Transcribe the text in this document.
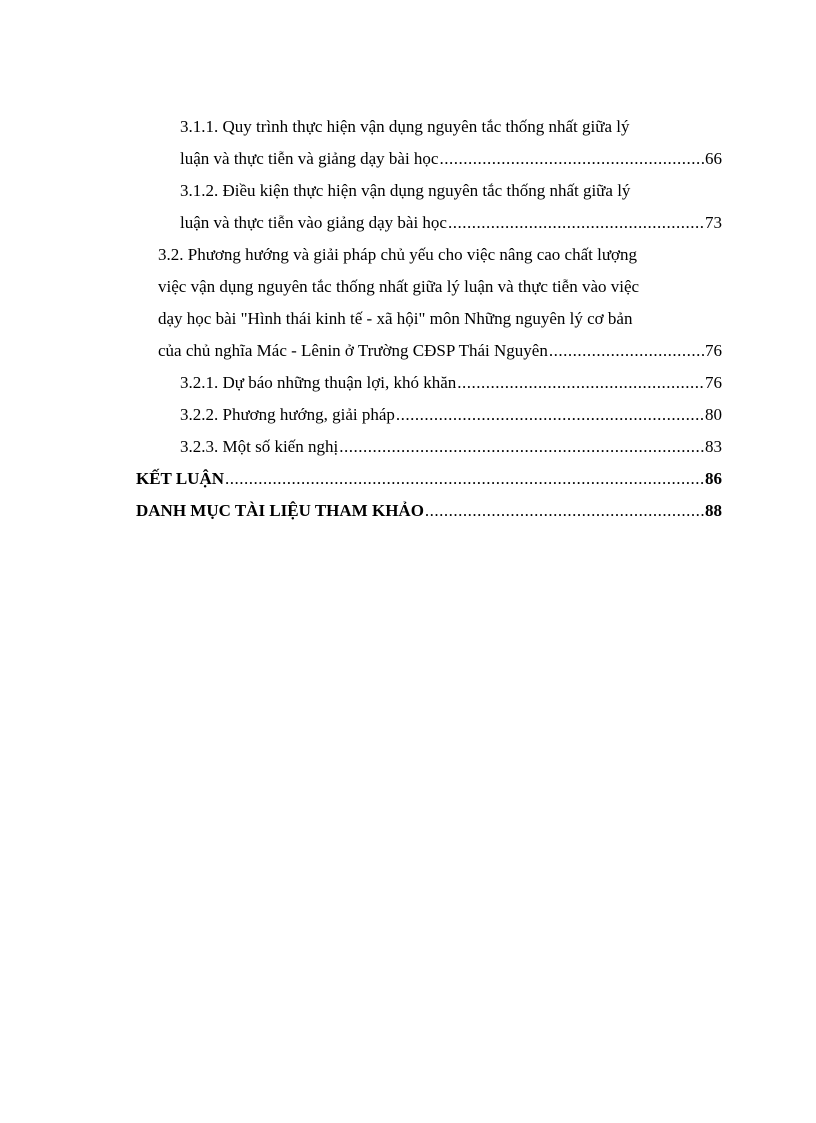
3.1.1. Quy trình thực hiện vận dụng nguyên tắc thống nhất giữa lý
luận và thực tiễn và giảng dạy bài học .....	66
3.1.2. Điều kiện thực hiện vận dụng nguyên tắc thống nhất giữa lý
luận và thực tiễn vào giảng dạy bài học .....	73
3.2. Phương hướng và giải pháp chủ yếu cho việc nâng cao chất lượng
việc vận dụng nguyên tắc thống nhất giữa lý luận và thực tiễn vào việc
dạy học bài "Hình thái kinh tế - xã hội" môn Những nguyên lý cơ bản
của chủ nghĩa Mác - Lênin ở Trường CĐSP Thái Nguyên .....	76
3.2.1. Dự báo những thuận lợi, khó khăn .....	76
3.2.2. Phương hướng, giải pháp .....	80
3.2.3. Một số kiến nghị .....	83
KẾT LUẬN .....	86
DANH MỤC TÀI LIỆU THAM KHẢO .....	88
